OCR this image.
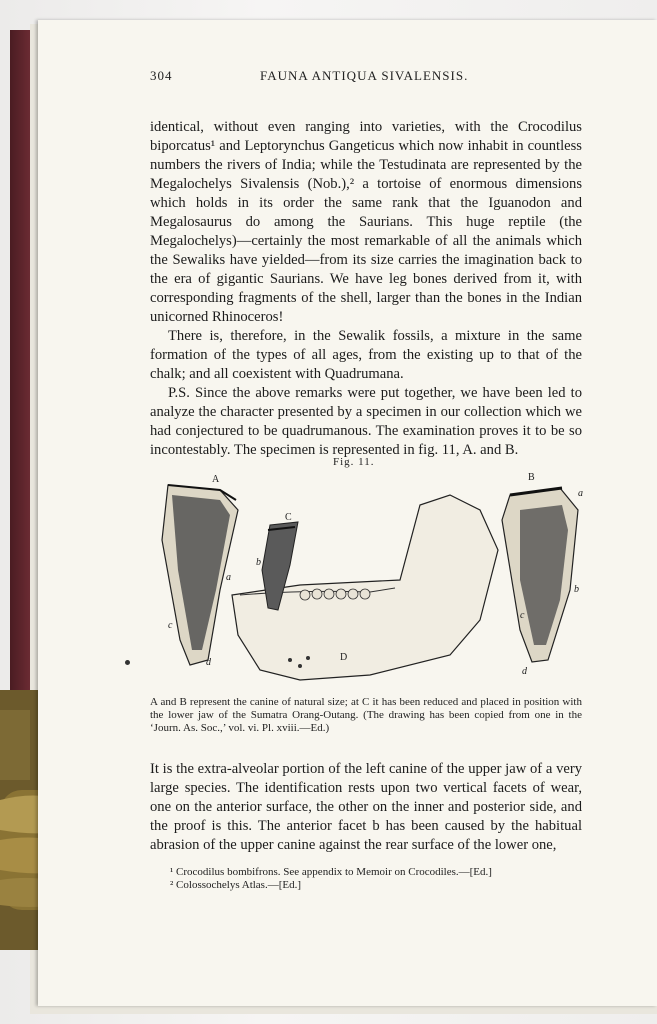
304	FAUNA ANTIQUA SIVALENSIS.

identical, without even ranging into varieties, with the Crocodilus biporcatus¹ and Leptorynchus Gangeticus which now inhabit in countless numbers the rivers of India; while the Testudinata are represented by the Megalochelys Sivalensis (Nob.),² a tortoise of enormous dimensions which holds in its order the same rank that the Iguanodon and Megalosaurus do among the Saurians. This huge reptile (the Megalochelys)—certainly the most remarkable of all the animals which the Sewaliks have yielded—from its size carries the imagination back to the era of gigantic Saurians. We have leg bones derived from it, with corresponding fragments of the shell, larger than the bones in the Indian unicorned Rhinoceros!

There is, therefore, in the Sewalik fossils, a mixture in the same formation of the types of all ages, from the existing up to that of the chalk; and all coexistent with Quadrumana.

P.S. Since the above remarks were put together, we have been led to analyze the character presented by a specimen in our collection which we had conjectured to be quadrumanous. The examination proves it to be so incontestably. The specimen is represented in fig. 11, A. and B.

Fig. 11.
A
a
c
d
C
b
D
B
a
b
c
d
A and B represent the canine of natural size; at C it has been reduced and placed in position with the lower jaw of the Sumatra Orang-Outang. (The drawing has been copied from one in the ‘Journ. As. Soc.,’ vol. vi. Pl. xviii.—Ed.)
It is the extra-alveolar portion of the left canine of the upper jaw of a very large species. The identification rests upon two vertical facets of wear, one on the anterior surface, the other on the inner and posterior side, and the proof is this. The anterior facet b has been caused by the habitual abrasion of the upper canine against the rear surface of the lower one,
¹ Crocodilus bombifrons. See appendix to Memoir on Crocodiles.—[Ed.]
² Colossochelys Atlas.—[Ed.]
